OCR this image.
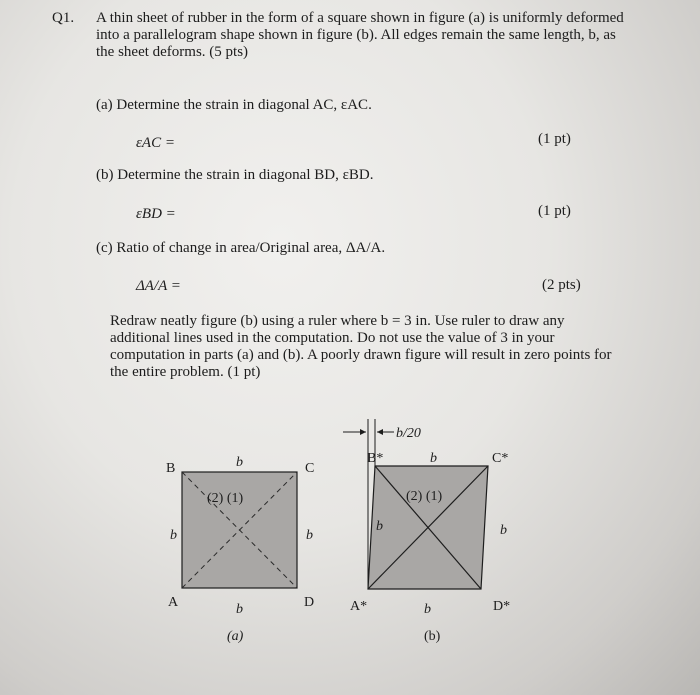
Q1. A thin sheet of rubber in the form of a square shown in figure (a) is uniformly deformed
into a parallelogram shape shown in figure (b). All edges remain the same length, b, as
the sheet deforms. (5 pts)
(a) Determine the strain in diagonal AC, εAC.
εAC =	(1 pt)
(b) Determine the strain in diagonal BD, εBD.
εBD =	(1 pt)
(c) Ratio of change in area/Original area, ΔA/A.
ΔA/A =	(2 pts)
Redraw neatly figure (b) using a ruler where b = 3 in. Use ruler to draw any
additional lines used in the computation. Do not use the value of 3 in your
computation in parts (a) and (b). A poorly drawn figure will result in zero points for
the entire problem. (1 pt)
B	b	C
(2) (1)
b	b
A	b	D
(a)
b/20
B*	b	C*
(2) (1)
b	b
A*	b	D*
(b)
